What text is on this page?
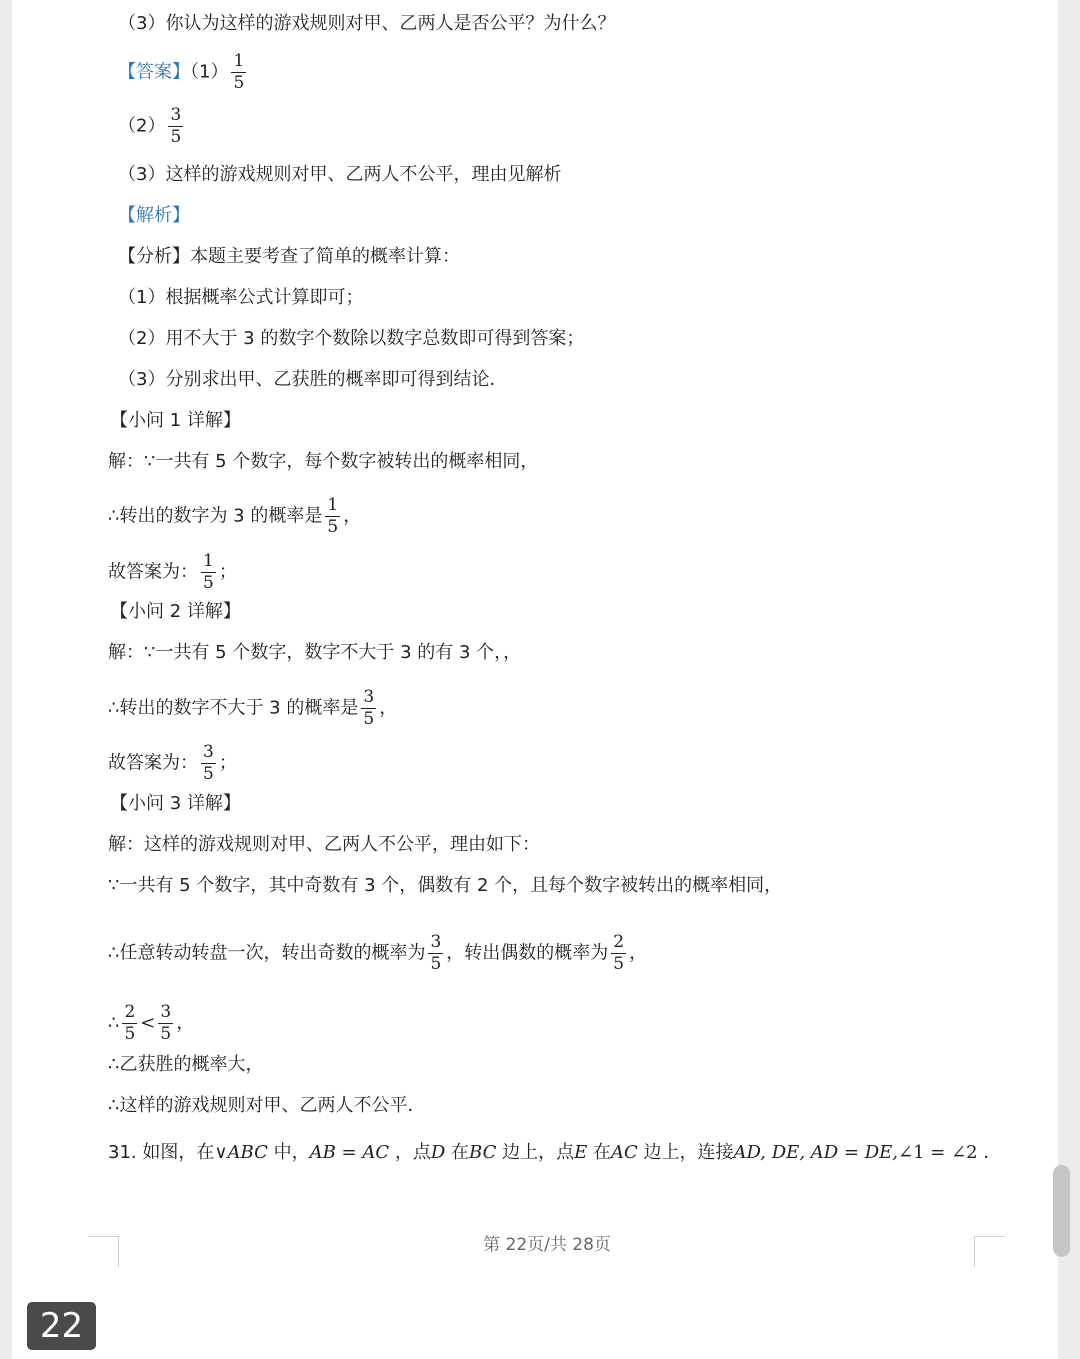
（3）你认为这样的游戏规则对甲、乙两人是否公平？为什么？
【答案】$(1) \frac{1}{5}$
$(2) \frac{3}{5}$
（3）这样的游戏规则对甲、乙两人不公平，理由见解析
【解析】
【分析】本题主要考查了简单的概率计算：
（1）根据概率公式计算即可；
（2）用不大于 3 的数字个数除以数字总数即可得到答案；
（3）分别求出甲、乙获胜的概率即可得到结论．
【小问 1 详解】
解：∵一共有 5 个数字，每个数字被转出的概率相同，
∴转出的数字为 3 的概率是 $\frac{1}{5}$ ，
故答案为： $\frac{1}{5}$ ；
【小问 2 详解】
解：∵一共有 5 个数字，数字不大于 3 的有 3 个，，
∴转出的数字不大于 3 的概率是 $\frac{3}{5}$ ，
故答案为： $\frac{3}{5}$ ；
【小问 3 详解】
解：这样的游戏规则对甲、乙两人不公平，理由如下：
∵一共有 5 个数字，其中奇数有 3 个，偶数有 2 个，且每个数字被转出的概率相同，
∴任意转动转盘一次，转出奇数的概率为 $\frac{3}{5}$ ，转出偶数的概率为 $\frac{2}{5}$ ，
∴ $\frac{2}{5} < \frac{3}{5}$ ，
∴乙获胜的概率大，
∴这样的游戏规则对甲、乙两人不公平．
31. 如图，在∨ABC 中，AB = AC ，点D 在BC 边上，点E 在AC 边上，连接AD, DE, AD = DE,∠1 = ∠2 ．
第 22页/共 28页
22
